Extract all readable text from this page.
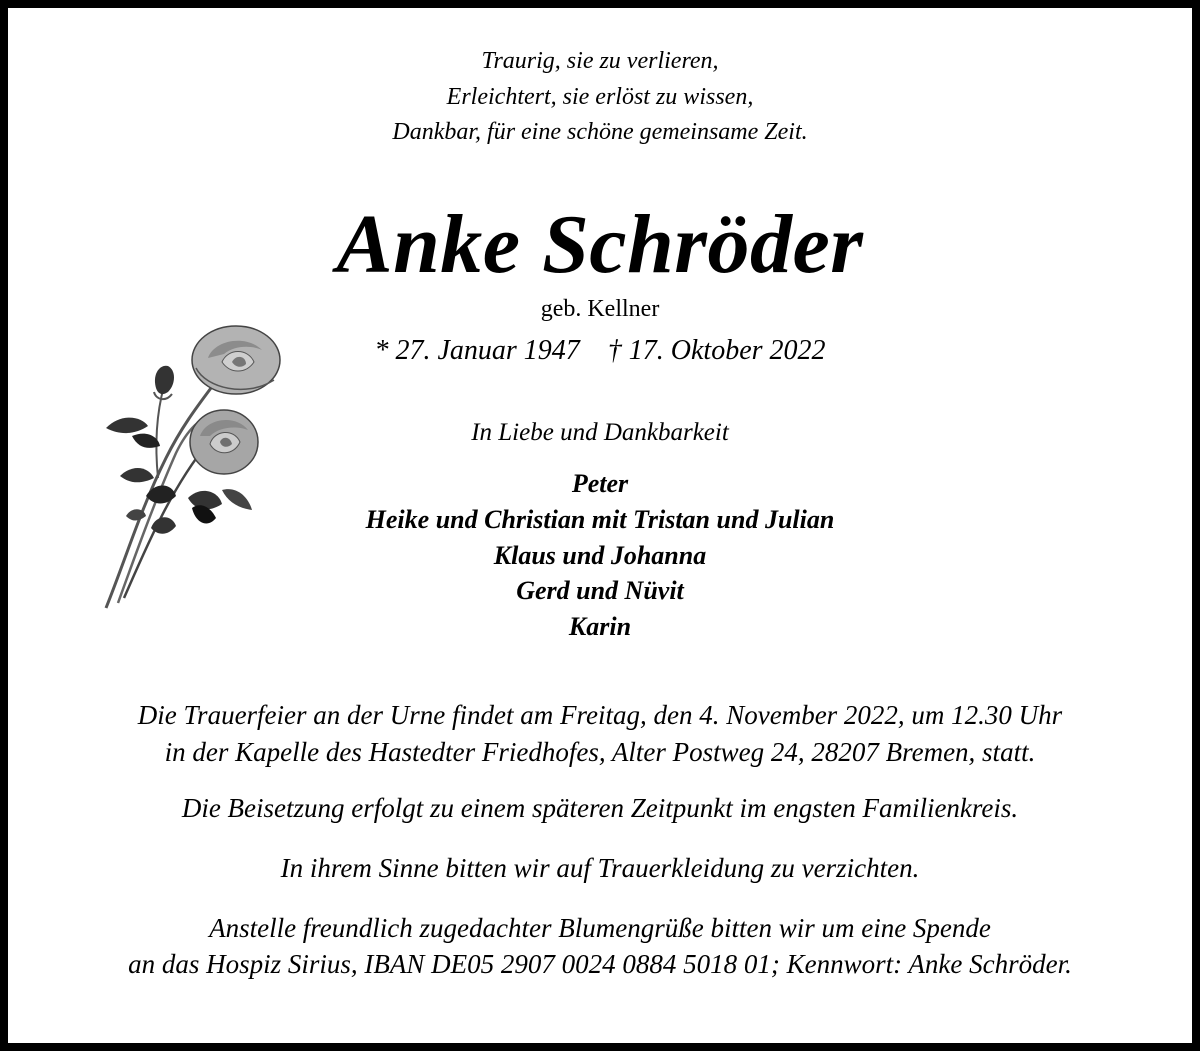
Traurig, sie zu verlieren,
Erleichtert, sie erlöst zu wissen,
Dankbar, für eine schöne gemeinsame Zeit.
Anke Schröder
geb. Kellner
* 27. Januar 1947 † 17. Oktober 2022
In Liebe und Dankbarkeit
Peter
Heike und Christian mit Tristan und Julian
Klaus und Johanna
Gerd und Nüvit
Karin
Die Trauerfeier an der Urne findet am Freitag, den 4. November 2022, um 12.30 Uhr
in der Kapelle des Hastedter Friedhofes, Alter Postweg 24, 28207 Bremen, statt.
Die Beisetzung erfolgt zu einem späteren Zeitpunkt im engsten Familienkreis.
In ihrem Sinne bitten wir auf Trauerkleidung zu verzichten.
Anstelle freundlich zugedachter Blumengrüße bitten wir um eine Spende
an das Hospiz Sirius, IBAN DE05 2907 0024 0884 5018 01; Kennwort: Anke Schröder.
